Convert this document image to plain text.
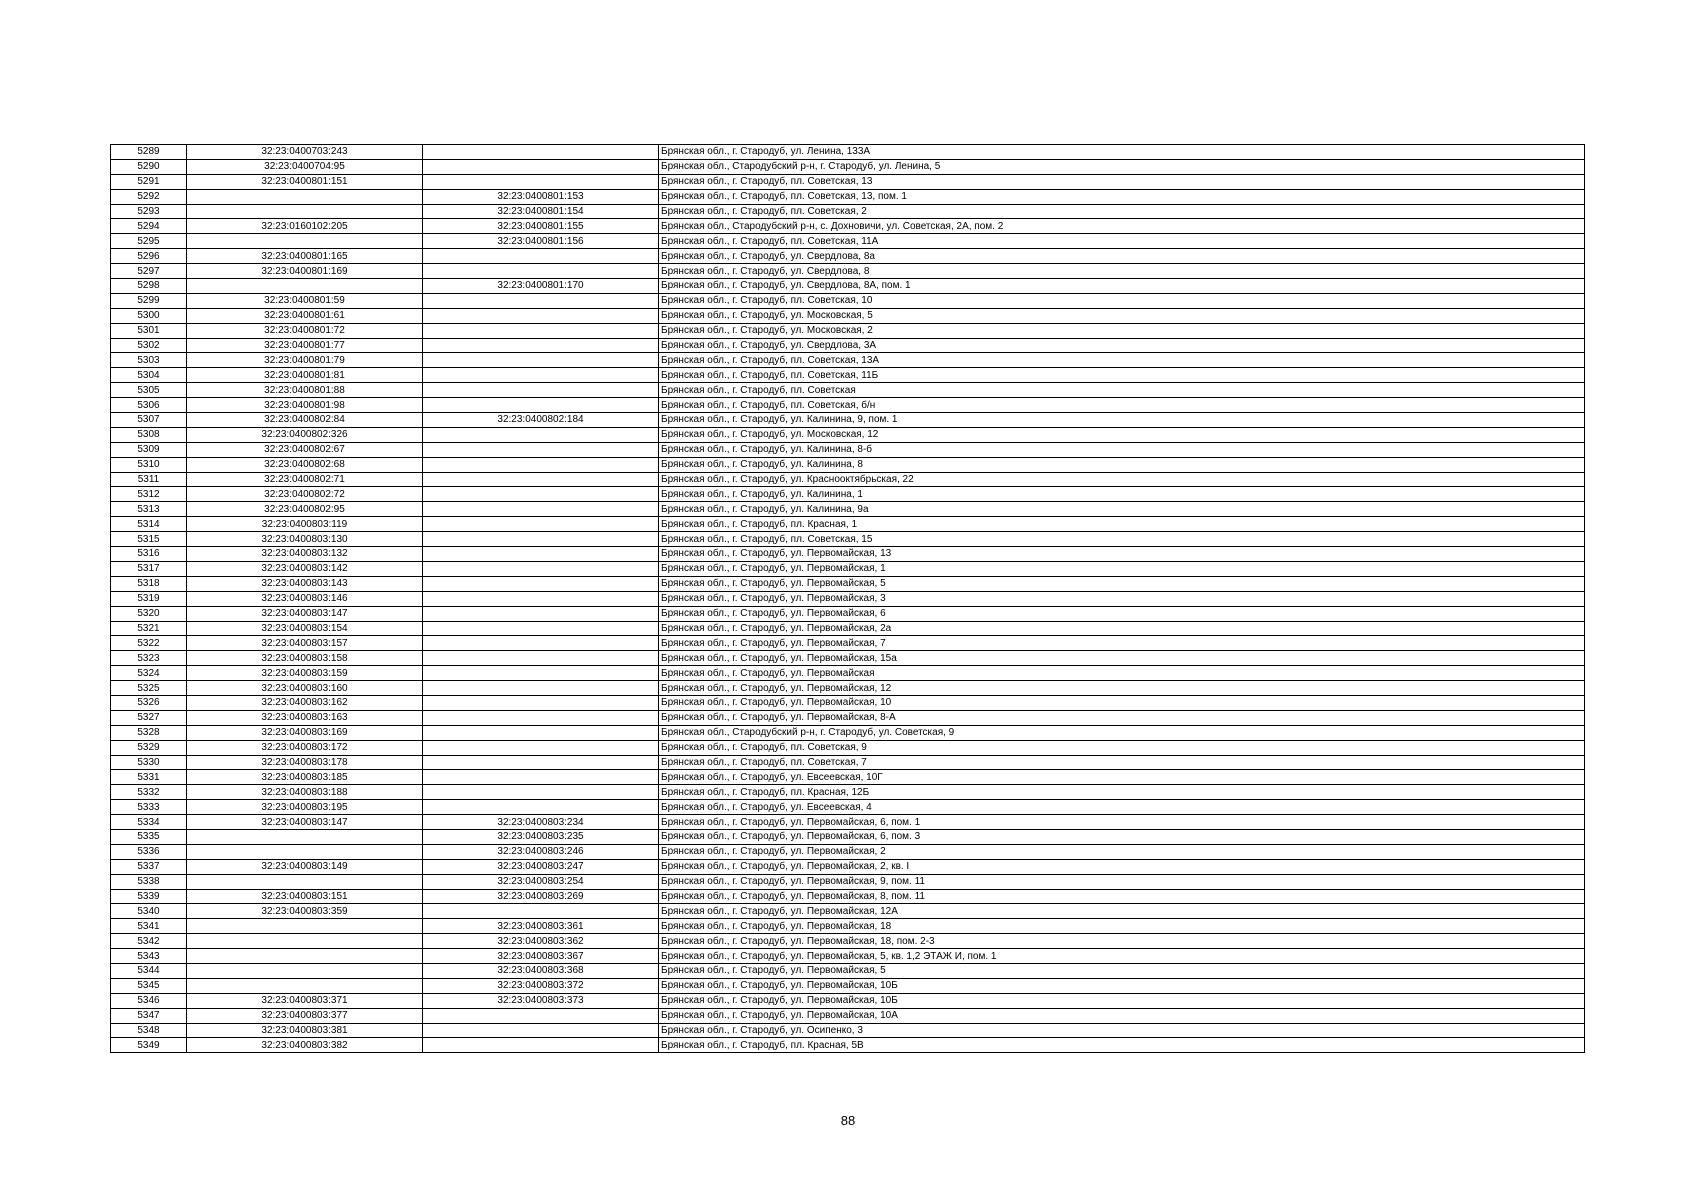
5289	32:23:0400703:243		Брянская обл., г. Стародуб, ул. Ленина, 133А
5290	32:23:0400704:95		Брянская обл., Стародубский р-н, г. Стародуб, ул. Ленина, 5
5291	32:23:0400801:151		Брянская обл., г. Стародуб, пл. Советская, 13
5292		32:23:0400801:153	Брянская обл., г. Стародуб, пл. Советская, 13, пом. 1
5293		32:23:0400801:154	Брянская обл., г. Стародуб, пл. Советская, 2
5294	32:23:0160102:205	32:23:0400801:155	Брянская обл., Стародубский р-н, с. Дохновичи, ул. Советская, 2А, пом. 2
5295		32:23:0400801:156	Брянская обл., г. Стародуб, пл. Советская, 11А
5296	32:23:0400801:165		Брянская обл., г. Стародуб, ул. Свердлова, 8а
5297	32:23:0400801:169		Брянская обл., г. Стародуб, ул. Свердлова, 8
5298		32:23:0400801:170	Брянская обл., г. Стародуб, ул. Свердлова, 8А, пом. 1
5299	32:23:0400801:59		Брянская обл., г. Стародуб, пл. Советская, 10
5300	32:23:0400801:61		Брянская обл., г. Стародуб, ул. Московская, 5
5301	32:23:0400801:72		Брянская обл., г. Стародуб, ул. Московская, 2
5302	32:23:0400801:77		Брянская обл., г. Стародуб, ул. Свердлова, 3А
5303	32:23:0400801:79		Брянская обл., г. Стародуб, пл. Советская, 13А
5304	32:23:0400801:81		Брянская обл., г. Стародуб, пл. Советская, 11Б
5305	32:23:0400801:88		Брянская обл., г. Стародуб, пл. Советская
5306	32:23:0400801:98		Брянская обл., г. Стародуб, пл. Советская, б/н
5307	32:23:0400802:84	32:23:0400802:184	Брянская обл., г. Стародуб, ул. Калинина, 9, пом. 1
5308	32:23:0400802:326		Брянская обл., г. Стародуб, ул. Московская, 12
5309	32:23:0400802:67		Брянская обл., г. Стародуб, ул. Калинина, 8-б
5310	32:23:0400802:68		Брянская обл., г. Стародуб, ул. Калинина, 8
5311	32:23:0400802:71		Брянская обл., г. Стародуб, ул. Краснооктябрьская, 22
5312	32:23:0400802:72		Брянская обл., г. Стародуб, ул. Калинина, 1
5313	32:23:0400802:95		Брянская обл., г. Стародуб, ул. Калинина, 9а
5314	32:23:0400803:119		Брянская обл., г. Стародуб, пл. Красная, 1
5315	32:23:0400803:130		Брянская обл., г. Стародуб, пл. Советская, 15
5316	32:23:0400803:132		Брянская обл., г. Стародуб, ул. Первомайская, 13
5317	32:23:0400803:142		Брянская обл., г. Стародуб, ул. Первомайская, 1
5318	32:23:0400803:143		Брянская обл., г. Стародуб, ул. Первомайская, 5
5319	32:23:0400803:146		Брянская обл., г. Стародуб, ул. Первомайская, 3
5320	32:23:0400803:147		Брянская обл., г. Стародуб, ул. Первомайская, 6
5321	32:23:0400803:154		Брянская обл., г. Стародуб, ул. Первомайская, 2а
5322	32:23:0400803:157		Брянская обл., г. Стародуб, ул. Первомайская, 7
5323	32:23:0400803:158		Брянская обл., г. Стародуб, ул. Первомайская, 15а
5324	32:23:0400803:159		Брянская обл., г. Стародуб, ул. Первомайская
5325	32:23:0400803:160		Брянская обл., г. Стародуб, ул. Первомайская, 12
5326	32:23:0400803:162		Брянская обл., г. Стародуб, ул. Первомайская, 10
5327	32:23:0400803:163		Брянская обл., г. Стародуб, ул. Первомайская, 8-А
5328	32:23:0400803:169		Брянская обл., Стародубский р-н, г. Стародуб, ул. Советская, 9
5329	32:23:0400803:172		Брянская обл., г. Стародуб, пл. Советская, 9
5330	32:23:0400803:178		Брянская обл., г. Стародуб, пл. Советская, 7
5331	32:23:0400803:185		Брянская обл., г. Стародуб, ул. Евсеевская, 10Г
5332	32:23:0400803:188		Брянская обл., г. Стародуб, пл. Красная, 12Б
5333	32:23:0400803:195		Брянская обл., г. Стародуб, ул. Евсеевская, 4
5334	32:23:0400803:147	32:23:0400803:234	Брянская обл., г. Стародуб, ул. Первомайская, 6, пом. 1
5335		32:23:0400803:235	Брянская обл., г. Стародуб, ул. Первомайская, 6, пом. 3
5336		32:23:0400803:246	Брянская обл., г. Стародуб, ул. Первомайская, 2
5337	32:23:0400803:149	32:23:0400803:247	Брянская обл., г. Стародуб, ул. Первомайская, 2, кв. I
5338		32:23:0400803:254	Брянская обл., г. Стародуб, ул. Первомайская, 9, пом. 11
5339	32:23:0400803:151	32:23:0400803:269	Брянская обл., г. Стародуб, ул. Первомайская, 8, пом. 11
5340	32:23:0400803:359		Брянская обл., г. Стародуб, ул. Первомайская, 12А
5341		32:23:0400803:361	Брянская обл., г. Стародуб, ул. Первомайская, 18
5342		32:23:0400803:362	Брянская обл., г. Стародуб, ул. Первомайская, 18, пом. 2-3
5343		32:23:0400803:367	Брянская обл., г. Стародуб, ул. Первомайская, 5, кв. 1,2 ЭТАЖ И, пом. 1
5344		32:23:0400803:368	Брянская обл., г. Стародуб, ул. Первомайская, 5
5345		32:23:0400803:372	Брянская обл., г. Стародуб, ул. Первомайская, 10Б
5346	32:23:0400803:371	32:23:0400803:373	Брянская обл., г. Стародуб, ул. Первомайская, 10Б
5347	32:23:0400803:377		Брянская обл., г. Стародуб, ул. Первомайская, 10А
5348	32:23:0400803:381		Брянская обл., г. Стародуб, ул. Осипенко, 3
5349	32:23:0400803:382		Брянская обл., г. Стародуб, пл. Красная, 5В
88
